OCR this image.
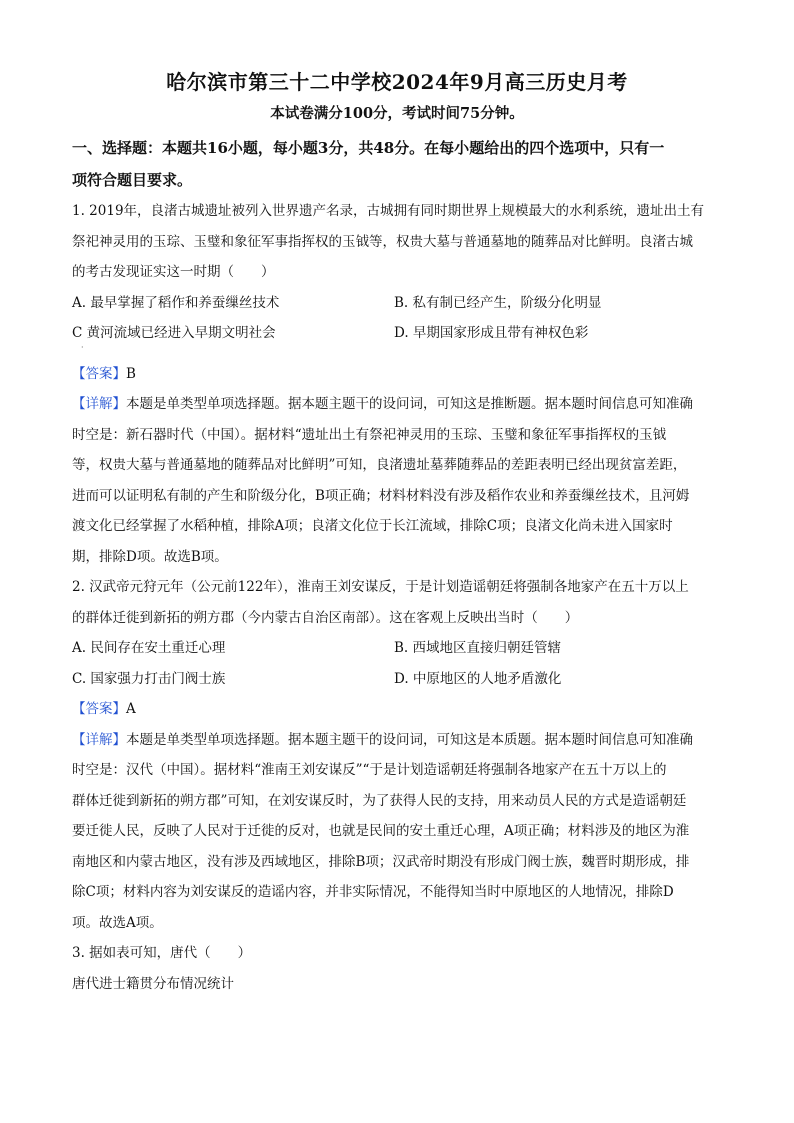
哈尔滨市第三十二中学校2024年9月高三历史月考
本试卷满分100分，考试时间75分钟。
一、选择题：本题共16小题，每小题3分，共48分。在每小题给出的四个选项中，只有一
项符合题目要求。
1. 2019年，良渚古城遗址被列入世界遗产名录，古城拥有同时期世界上规模最大的水利系统，遗址出土有
祭祀神灵用的玉琮、玉璧和象征军事指挥权的玉钺等，权贵大墓与普通墓地的随葬品对比鲜明。良渚古城
的考古发现证实这一时期（　　）
A. 最早掌握了稻作和养蚕缫丝技术	B. 私有制已经产生，阶级分化明显
C 黄河流域已经进入早期文明社会	D. 早期国家形成且带有神权色彩
·
【答案】B
【详解】本题是单类型单项选择题。据本题主题干的设问词，可知这是推断题。据本题时间信息可知准确
时空是：新石器时代（中国）。据材料“遗址出土有祭祀神灵用的玉琮、玉璧和象征军事指挥权的玉钺
等，权贵大墓与普通墓地的随葬品对比鲜明”可知，良渚遗址墓葬随葬品的差距表明已经出现贫富差距，
进而可以证明私有制的产生和阶级分化，B项正确；材料材料没有涉及稻作农业和养蚕缫丝技术，且河姆
渡文化已经掌握了水稻种植，排除A项；良渚文化位于长江流域，排除C项；良渚文化尚未进入国家时
期，排除D项。故选B项。
2. 汉武帝元狩元年（公元前122年），淮南王刘安谋反，于是计划造谣朝廷将强制各地家产在五十万以上
的群体迁徙到新拓的朔方郡（今内蒙古自治区南部）。这在客观上反映出当时（　　）
A. 民间存在安土重迁心理	B. 西域地区直接归朝廷管辖
C. 国家强力打击门阀士族	D. 中原地区的人地矛盾激化
【答案】A
【详解】本题是单类型单项选择题。据本题主题干的设问词，可知这是本质题。据本题时间信息可知准确
时空是：汉代（中国）。据材料“淮南王刘安谋反”“于是计划造谣朝廷将强制各地家产在五十万以上的
群体迁徙到新拓的朔方郡”可知，在刘安谋反时，为了获得人民的支持，用来动员人民的方式是造谣朝廷
要迁徙人民，反映了人民对于迁徙的反对，也就是民间的安土重迁心理，A项正确；材料涉及的地区为淮
南地区和内蒙古地区，没有涉及西域地区，排除B项；汉武帝时期没有形成门阀士族，魏晋时期形成，排
除C项；材料内容为刘安谋反的造谣内容，并非实际情况，不能得知当时中原地区的人地情况，排除D
项。故选A项。
3. 据如表可知，唐代（　　）
唐代进士籍贯分布情况统计
